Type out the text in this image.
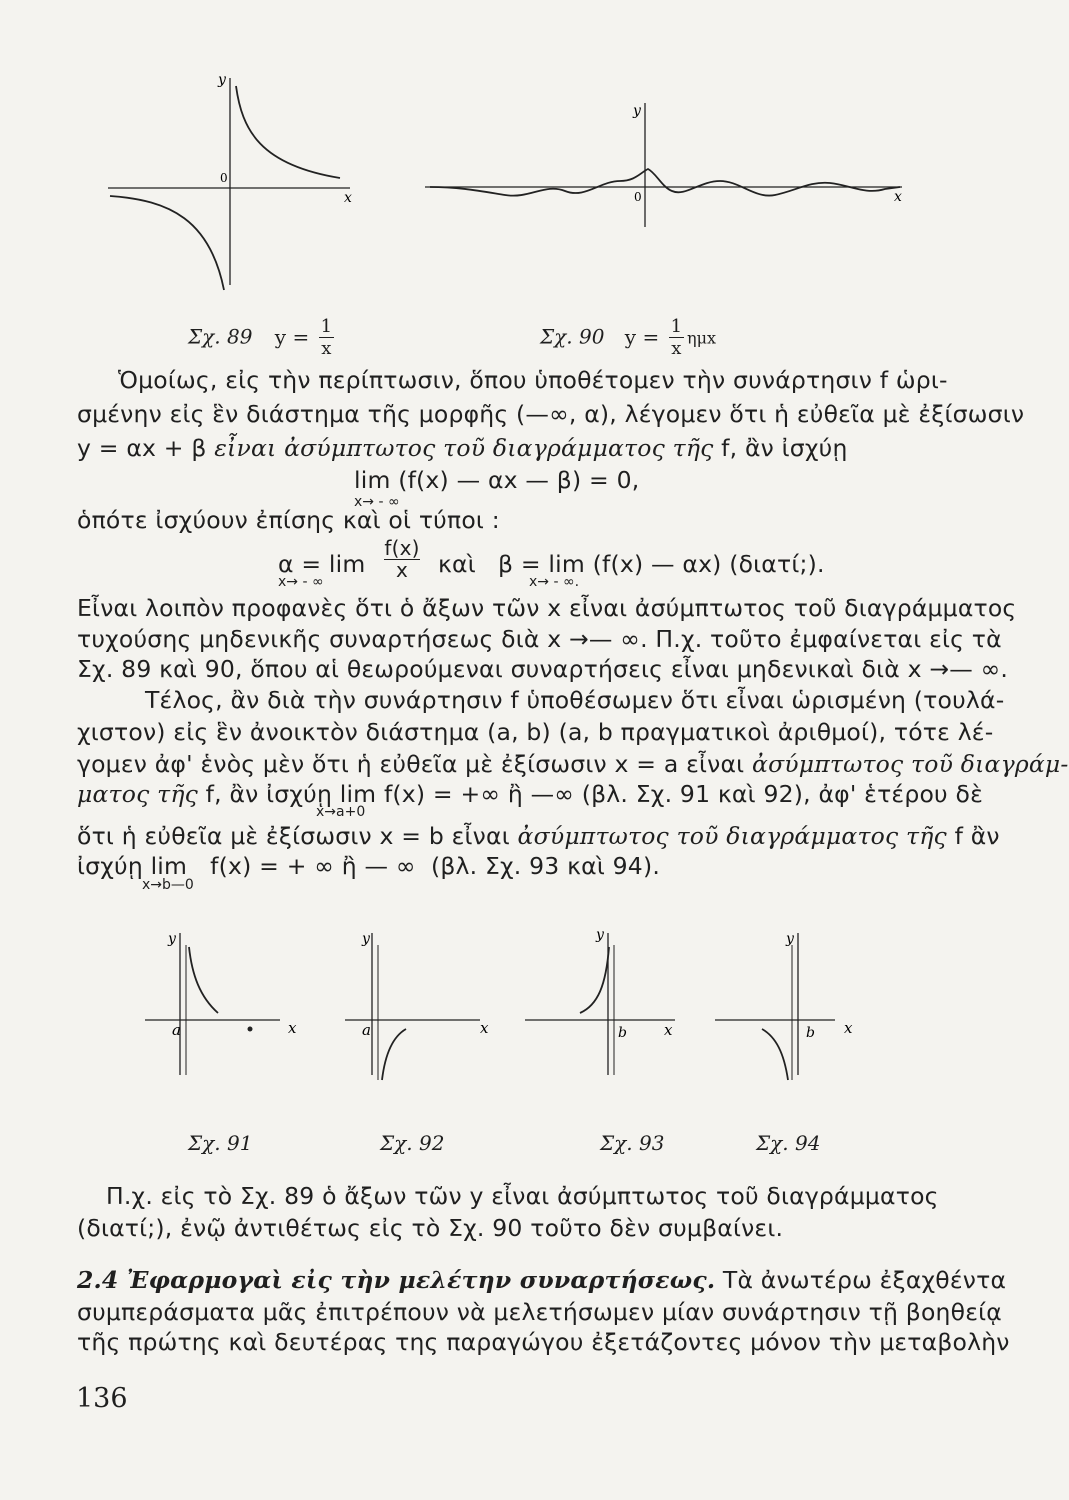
y
x
0
Σχ. 89 $y = \frac{1}{x}$
y
x
0
Σχ. 90 $y = \frac{1}{x}$ ημx
Ὁμοίως, εἰς τὴν περίπτωσιν, ὅπου ὑποθέτομεν τὴν συνάρτησιν f ὡρι-
σμένην εἰς ἓν διάστημα τῆς μορφῆς (—∞, α), λέγομεν ὅτι ἡ εὐθεῖα μὲ ἐξίσωσιν
y = αx + β εἶναι ἀσύμπτωτος τοῦ διαγράμματος τῆς f, ἂν ἰσχύῃ
lim (f(x) — αx — β) = 0,
x→ - ∞
ὁπότε ἰσχύουν ἐπίσης καὶ οἱ τύποι :
$\alpha = \lim \frac{f(x)}{x}$ καὶ β = lim (f(x) — αx) (διατί;).
x→ - ∞	x→ - ∞.
Εἶναι λοιπὸν προφανὲς ὅτι ὁ ἄξων τῶν x εἶναι ἀσύμπτωτος τοῦ διαγράμματος
τυχούσης μηδενικῆς συναρτήσεως διὰ x →— ∞. Π.χ. τοῦτο ἐμφαίνεται εἰς τὰ
Σχ. 89 καὶ 90, ὅπου αἱ θεωρούμεναι συναρτήσεις εἶναι μηδενικαὶ διὰ x →— ∞.
Τέλος, ἂν διὰ τὴν συνάρτησιν f ὑποθέσωμεν ὅτι εἶναι ὡρισμένη (τουλά-
χιστον) εἰς ἓν ἀνοικτὸν διάστημα (a, b) (a, b πραγματικοὶ ἀριθμοί), τότε λέ-
γομεν ἀφ' ἑνὸς μὲν ὅτι ἡ εὐθεῖα μὲ ἐξίσωσιν x = a εἶναι ἀσύμπτωτος τοῦ διαγράμ-
ματος τῆς f, ἂν ἰσχύῃ lim f(x) = +∞ ἢ —∞ (βλ. Σχ. 91 καὶ 92), ἀφ' ἑτέρου δὲ
x→a+0
ὅτι ἡ εὐθεῖα μὲ ἐξίσωσιν x = b εἶναι ἀσύμπτωτος τοῦ διαγράμματος τῆς f ἂν
ἰσχύῃ lim   f(x) = + ∞ ἢ — ∞  (βλ. Σχ. 93 καὶ 94).
x→b—0
y
x
a
Σχ. 91
y
x
a
Σχ. 92
y
x
b
Σχ. 93
y
x
b
Σχ. 94
Π.χ. εἰς τὸ Σχ. 89 ὁ ἄξων τῶν y εἶναι ἀσύμπτωτος τοῦ διαγράμματος
(διατί;), ἐνῷ ἀντιθέτως εἰς τὸ Σχ. 90 τοῦτο δὲν συμβαίνει.
2.4 Ἐφαρμογαὶ εἰς τὴν μελέτην συναρτήσεως. Τὰ ἀνωτέρω ἐξαχθέντα
συμπεράσματα μᾶς ἐπιτρέπουν νὰ μελετήσωμεν μίαν συνάρτησιν τῇ βοηθείᾳ
τῆς πρώτης καὶ δευτέρας της παραγώγου ἐξετάζοντες μόνον τὴν μεταβολὴν
136
